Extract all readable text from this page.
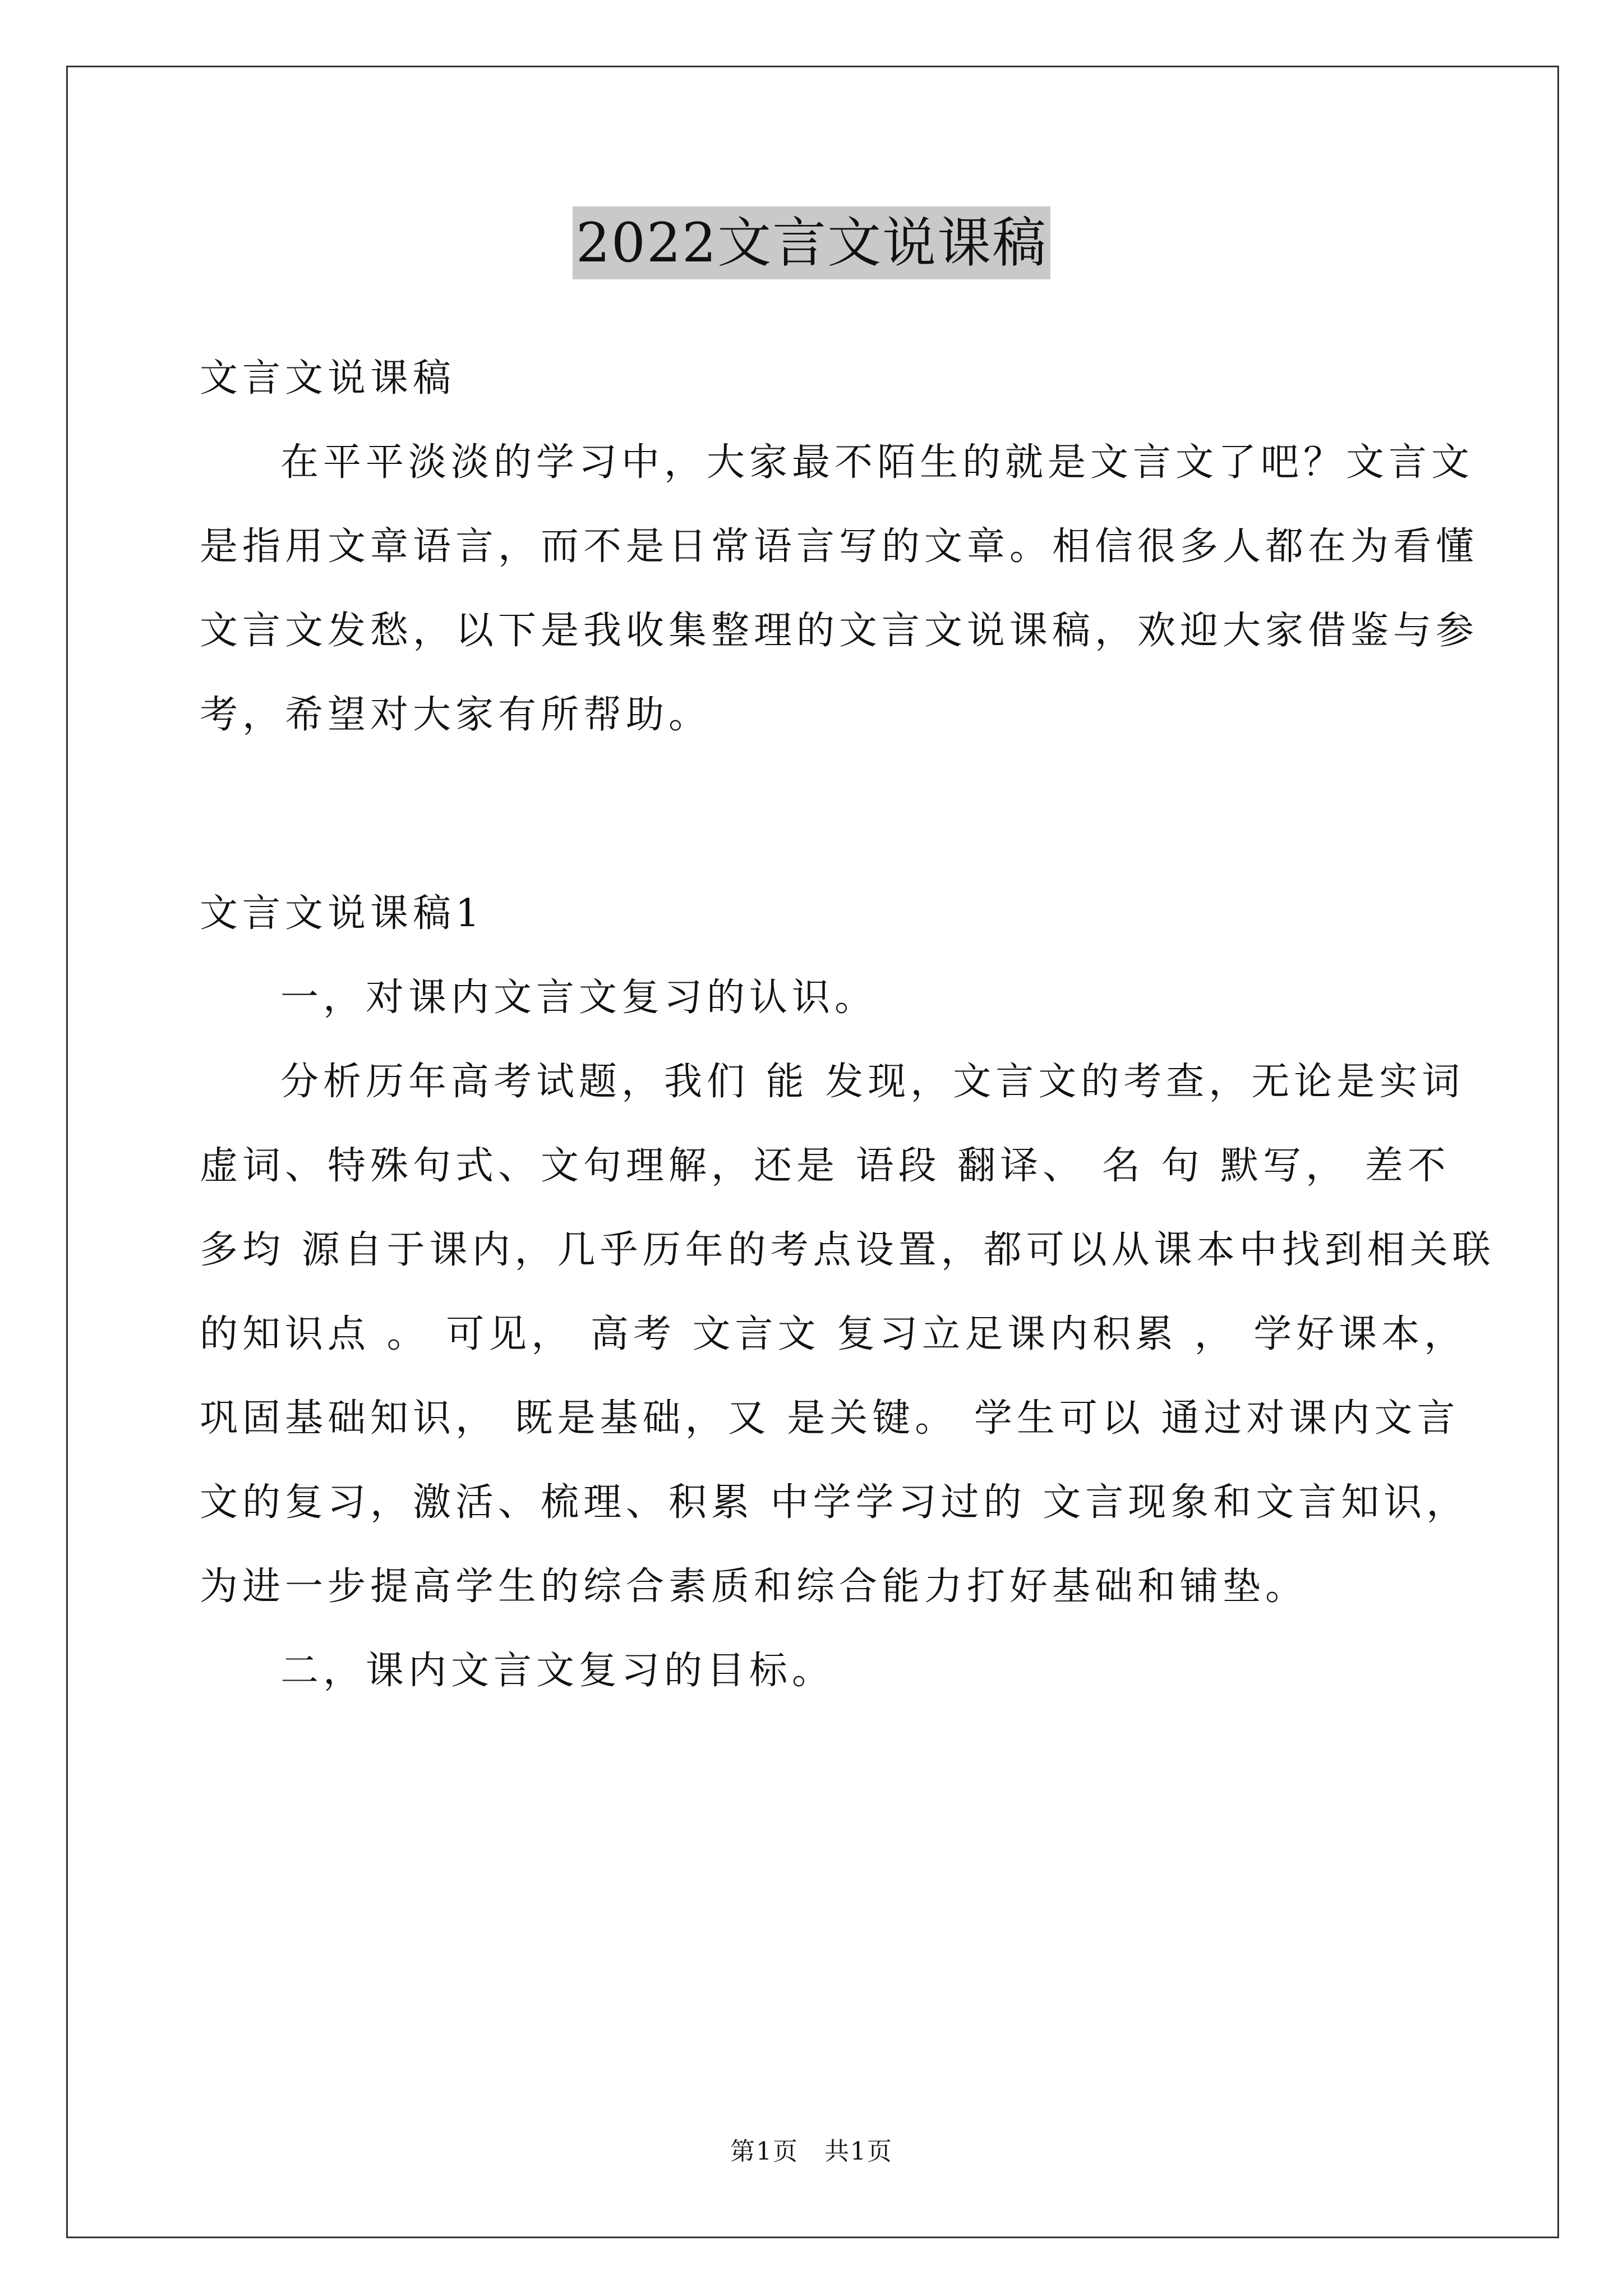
2022文言文说课稿
文言文说课稿
在平平淡淡的学习中，大家最不陌生的就是文言文了吧？文言文
是指用文章语言，而不是日常语言写的文章。相信很多人都在为看懂
文言文发愁，以下是我收集整理的文言文说课稿，欢迎大家借鉴与参
考，希望对大家有所帮助。
文言文说课稿1
一，对课内文言文复习的认识。
分析历年高考试题，我们 能 发现，文言文的考查，无论是实词
虚词、特殊句式、文句理解，还是 语段 翻译、 名 句 默写， 差不
多均 源自于课内，几乎历年的考点设置，都可以从课本中找到相关联
的知识点 。 可见， 高考 文言文 复习立足课内积累 ， 学好课本，
巩固基础知识， 既是基础，又 是关键。 学生可以 通过对课内文言
文的复习，激活、梳理、积累 中学学习过的 文言现象和文言知识，
为进一步提高学生的综合素质和综合能力打好基础和铺垫。
二，课内文言文复习的目标。
第1页　共1页
